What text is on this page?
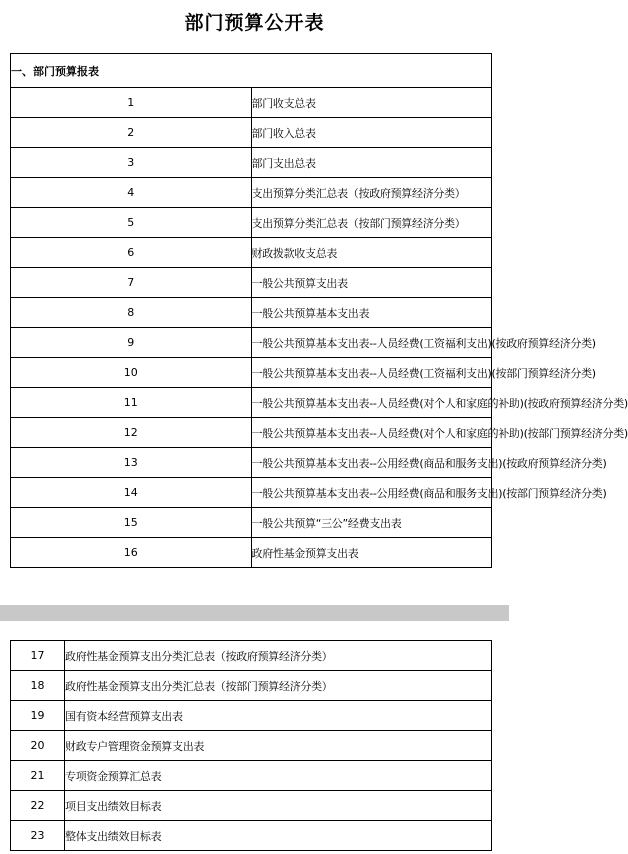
部门预算公开表
一、部门预算报表	
1	部门收支总表
2	部门收入总表
3	部门支出总表
4	支出预算分类汇总表（按政府预算经济分类）
5	支出预算分类汇总表（按部门预算经济分类）
6	财政拨款收支总表
7	一般公共预算支出表
8	一般公共预算基本支出表
9	一般公共预算基本支出表--人员经费(工资福利支出)(按政府预算经济分类)
10	一般公共预算基本支出表--人员经费(工资福利支出)(按部门预算经济分类)
11	一般公共预算基本支出表--人员经费(对个人和家庭的补助)(按政府预算经济分类)
12	一般公共预算基本支出表--人员经费(对个人和家庭的补助)(按部门预算经济分类)
13	一般公共预算基本支出表--公用经费(商品和服务支出)(按政府预算经济分类)
14	一般公共预算基本支出表--公用经费(商品和服务支出)(按部门预算经济分类)
15	一般公共预算“三公”经费支出表
16	政府性基金预算支出表
17	政府性基金预算支出分类汇总表（按政府预算经济分类）
18	政府性基金预算支出分类汇总表（按部门预算经济分类）
19	国有资本经营预算支出表
20	财政专户管理资金预算支出表
21	专项资金预算汇总表
22	项目支出绩效目标表
23	整体支出绩效目标表
